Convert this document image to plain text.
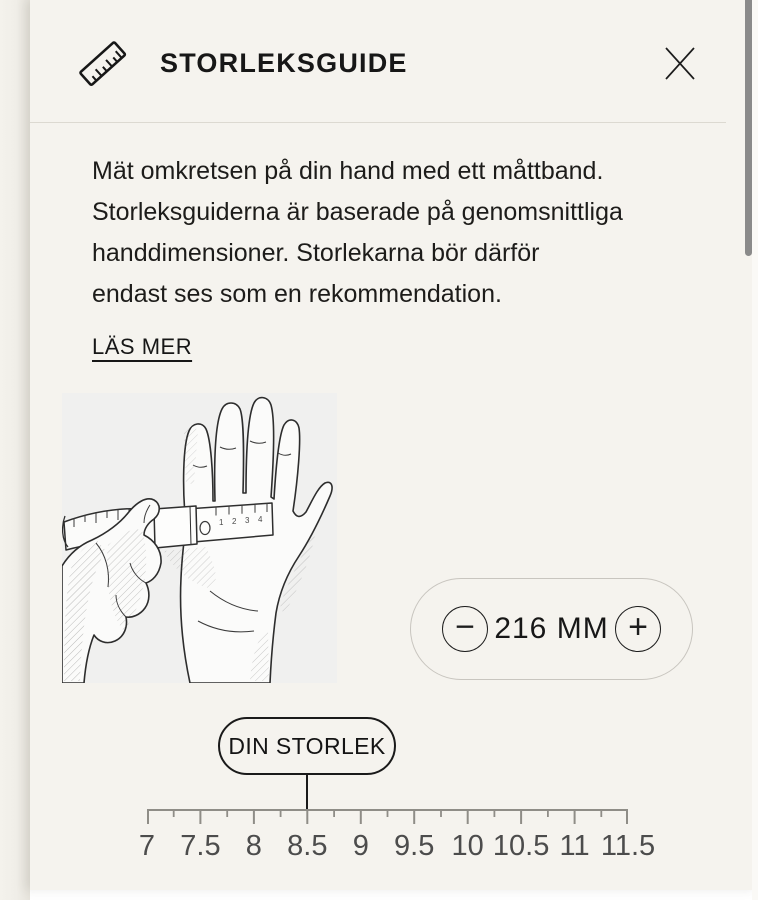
STORLEKSGUIDE
Mät omkretsen på din hand med ett måttband.
Storleksguiderna är baserade på genomsnittliga
handdimensioner. Storlekarna bör därför
endast ses som en rekommendation.
LÄS MER
1 2 3 4
− 216 MM +
DIN STORLEK
7 7.5 8 8.5 9 9.5 10 10.5 11 11.5
